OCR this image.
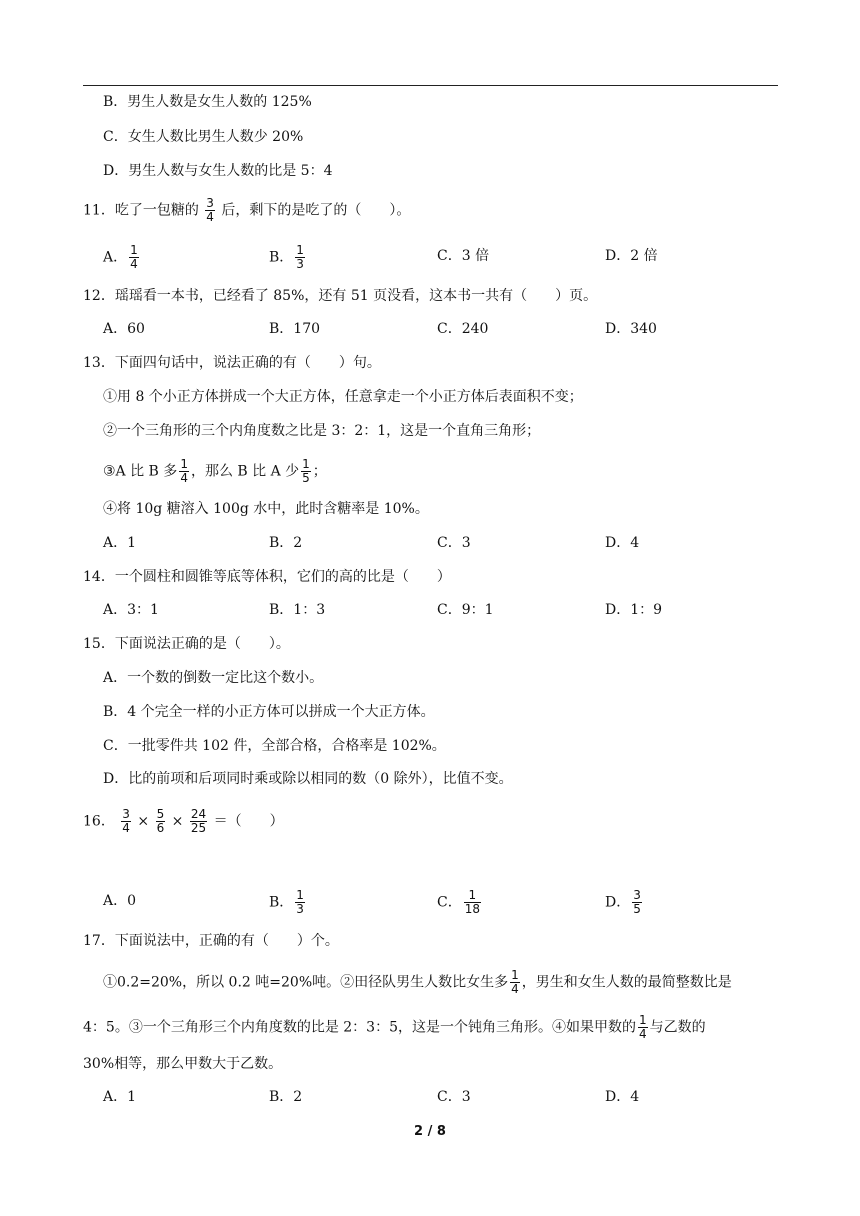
B．男生人数是女生人数的 125%
C．女生人数比男生人数少 20%
D．男生人数与女生人数的比是 5：4
11．吃了一包糖的 $\frac{3}{4}$ 后，剩下的是吃了的（　　）。
A． $\frac{1}{4}$	B． $\frac{1}{3}$	C．3 倍	D．2 倍
12．瑶瑶看一本书，已经看了 85%，还有 51 页没看，这本书一共有（　　）页。
A．60	B．170	C．240	D．340
13．下面四句话中，说法正确的有（　　）句。
①用 8 个小正方体拼成一个大正方体，任意拿走一个小正方体后表面积不变；
②一个三角形的三个内角度数之比是 3：2：1，这是一个直角三角形；
③A 比 B 多 $\frac{1}{4}$ ，那么 B 比 A 少 $\frac{1}{5}$ ；
④将 10g 糖溶入 100g 水中，此时含糖率是 10%。
A．1	B．2	C．3	D．4
14．一个圆柱和圆锥等底等体积，它们的高的比是（　　）
A．3：1	B．1：3	C．9：1	D．1：9
15．下面说法正确的是（　　）。
A．一个数的倒数一定比这个数小。
B．4 个完全一样的小正方体可以拼成一个大正方体。
C．一批零件共 102 件，全部合格，合格率是 102%。
D．比的前项和后项同时乘或除以相同的数（0 除外），比值不变。
16． $\frac{3}{4} \times \frac{5}{6} \times \frac{24}{25}$ ＝（　　）
A．0	B． $\frac{1}{3}$	C． $\frac{1}{18}$	D． $\frac{3}{5}$
17．下面说法中，正确的有（　　）个。
①0.2=20%，所以 0.2 吨=20%吨。②田径队男生人数比女生多 $\frac{1}{4}$ ，男生和女生人数的最简整数比是
4：5。③一个三角形三个内角度数的比是 2：3：5，这是一个钝角三角形。④如果甲数的 $\frac{1}{4}$ 与乙数的
30%相等，那么甲数大于乙数。
A．1	B．2	C．3	D．4
2 / 8
